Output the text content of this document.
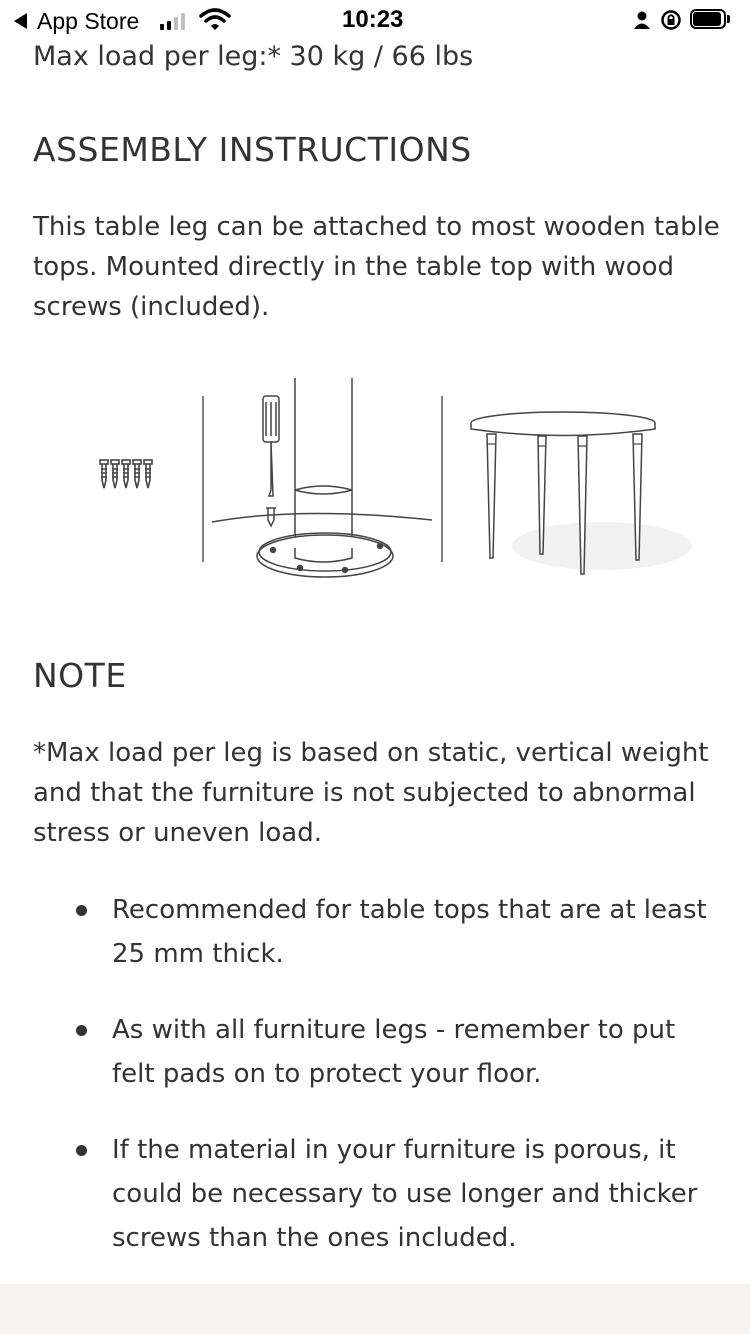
App Store	10:23
Max load per leg:* 30 kg / 66 lbs
ASSEMBLY INSTRUCTIONS

This table leg can be attached to most wooden table tops. Mounted directly in the table top with wood screws (included).

NOTE

*Max load per leg is based on static, vertical weight and that the furniture is not subjected to abnormal stress or uneven load.

Recommended for table tops that are at least 25 mm thick.
As with all furniture legs - remember to put felt pads on to protect your floor.
If the material in your furniture is porous, it could be necessary to use longer and thicker screws than the ones included.
